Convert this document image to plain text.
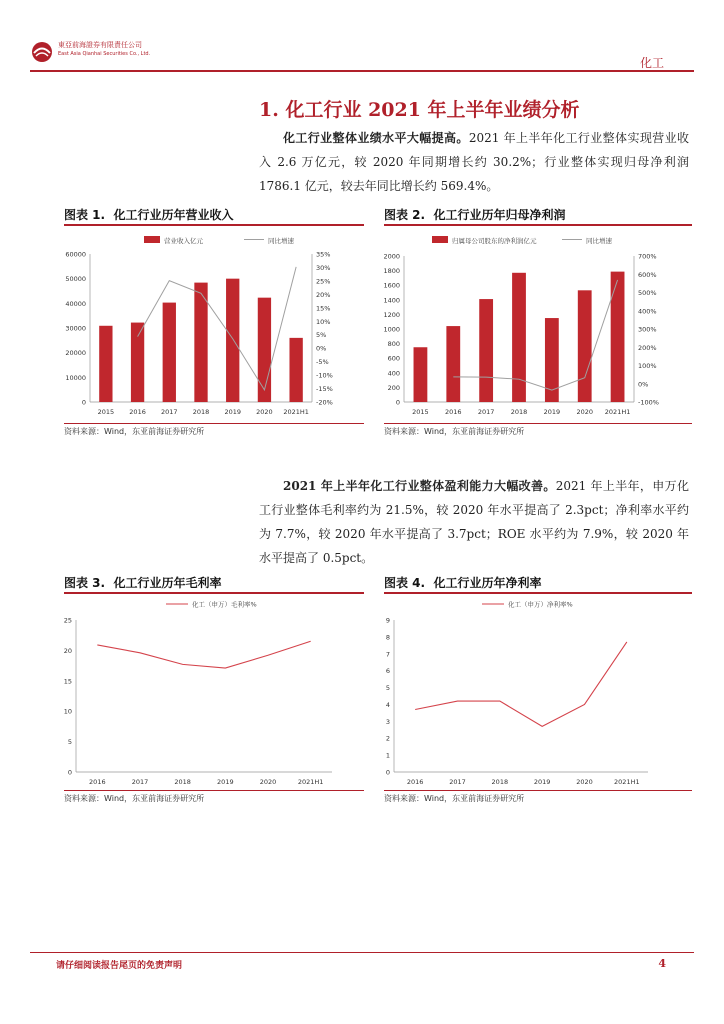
東亞前海證券有限責任公司
East Asia Qianhai Securities Co., Ltd.
化工
1. 化工行业 2021 年上半年业绩分析
化工行业整体业绩水平大幅提高。2021 年上半年化工行业整体实现营业收入 2.6 万亿元，较 2020 年同期增长约 30.2%；行业整体实现归母净利润 1786.1 亿元，较去年同比增长约 569.4%。
图表 1. 化工行业历年营业收入	图表 2. 化工行业历年归母净利润
营业收入亿元	同比增速
0
10000
20000
30000
40000
50000
60000
-20%
-15%
-10%
-5%
0%
5%
10%
15%
20%
25%
30%
35%
2015 2016 2017 2018 2019 2020 2021H1
资料来源：Wind，东亚前海证券研究所
归属母公司股东的净利润亿元	同比增速
0
200
400
600
800
1000
1200
1400
1600
1800
2000
-100%
0%
100%
200%
300%
400%
500%
600%
700%
2015	2016	2017	2018	2019	2020 2021H1
资料来源：Wind，东亚前海证券研究所
2021 年上半年化工行业整体盈利能力大幅改善。2021 年上半年，申万化工行业整体毛利率约为 21.5%，较 2020 年水平提高了 2.3pct；净利率水平约为 7.7%，较 2020 年水平提高了 3.7pct；ROE 水平约为 7.9%，较 2020 年水平提高了 0.5pct。
图表 3. 化工行业历年毛利率	图表 4. 化工行业历年净利率
化工（申万）毛利率%
0
5
10
15
20
25
2016	2017	2018	2019	2020	2021H1
资料来源：Wind，东亚前海证券研究所
化工（申万）净利率%
0
1
2
3
4
5
6
7
8
9
2016	2017	2018	2019	2020	2021H1
资料来源：Wind，东亚前海证券研究所
请仔细阅读报告尾页的免责声明	4
